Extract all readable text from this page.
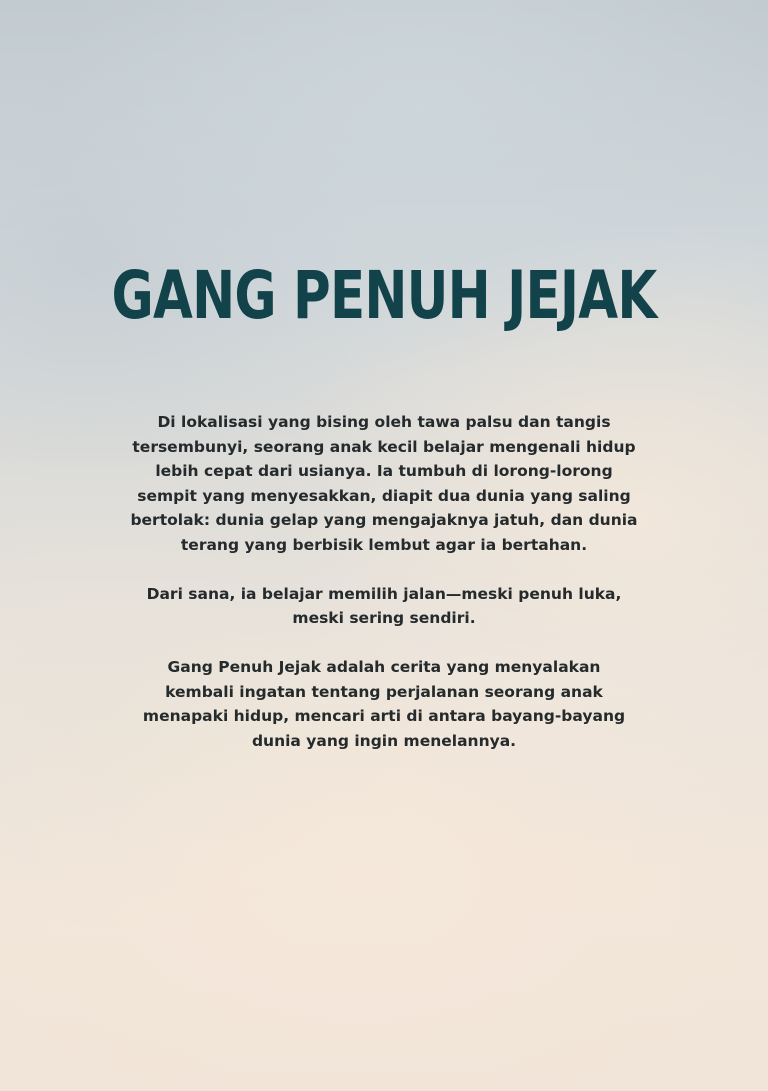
GANG PENUH JEJAK

Di lokalisasi yang bising oleh tawa palsu dan tangis
tersembunyi, seorang anak kecil belajar mengenali hidup
lebih cepat dari usianya. Ia tumbuh di lorong-lorong
sempit yang menyesakkan, diapit dua dunia yang saling
bertolak: dunia gelap yang mengajaknya jatuh, dan dunia
terang yang berbisik lembut agar ia bertahan.

Dari sana, ia belajar memilih jalan—meski penuh luka,
meski sering sendiri.

Gang Penuh Jejak adalah cerita yang menyalakan
kembali ingatan tentang perjalanan seorang anak
menapaki hidup, mencari arti di antara bayang-bayang
dunia yang ingin menelannya.
